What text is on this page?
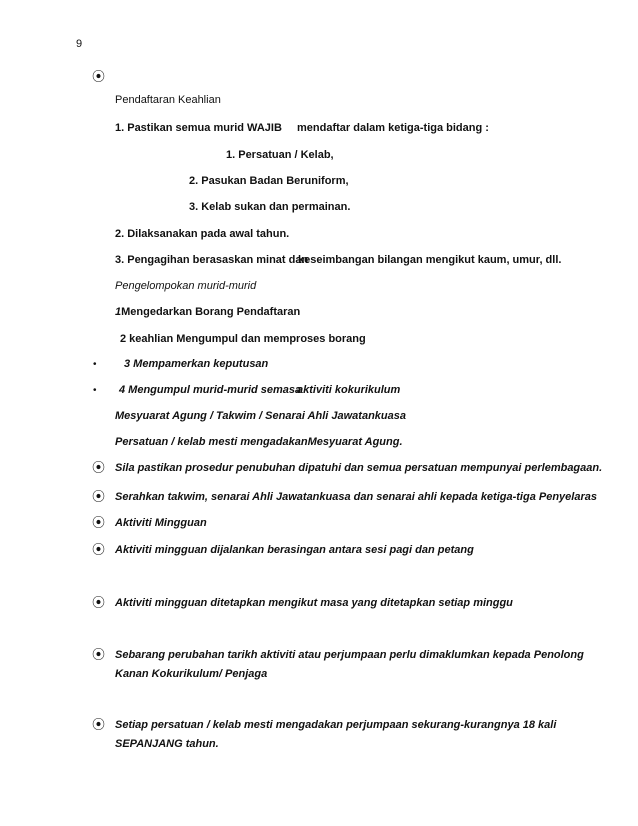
9
⦿
Pendaftaran Keahlian
1. Pastikan semua murid WAJIB mendaftar dalam ketiga-tiga bidang :
1. Persatuan / Kelab,
2. Pasukan Badan Beruniform,
3. Kelab sukan dan permainan.
2. Dilaksanakan pada awal tahun.
3. Pengagihan berasaskan minat dan
keseimbangan bilangan mengikut kaum, umur, dll.
Pengelompokan murid-murid
1Mengedarkan Borang Pendaftaran
2 keahlian Mengumpul dan memproses borang
• 3 Mempamerkan keputusan
• 4 Mengumpul murid-murid semasa
aktiviti kokurikulum
Mesyuarat Agung / Takwim / Senarai Ahli Jawatankuasa
Persatuan / kelab mesti mengadakanMesyuarat Agung.
⦿ Sila pastikan prosedur penubuhan dipatuhi dan semua persatuan mempunyai perlembagaan.
⦿ Serahkan takwim, senarai Ahli Jawatankuasa dan senarai ahli kepada ketiga-tiga Penyelaras
⦿ Aktiviti Mingguan
⦿ Aktiviti mingguan dijalankan berasingan antara sesi pagi dan petang
⦿ Aktiviti mingguan ditetapkan mengikut masa yang ditetapkan setiap minggu
⦿ Sebarang perubahan tarikh aktiviti atau perjumpaan perlu dimaklumkan kepada Penolong
Kanan Kokurikulum/ Penjaga
⦿ Setiap persatuan / kelab mesti mengadakan perjumpaan sekurang-kurangnya 18 kali
SEPANJANG tahun.
